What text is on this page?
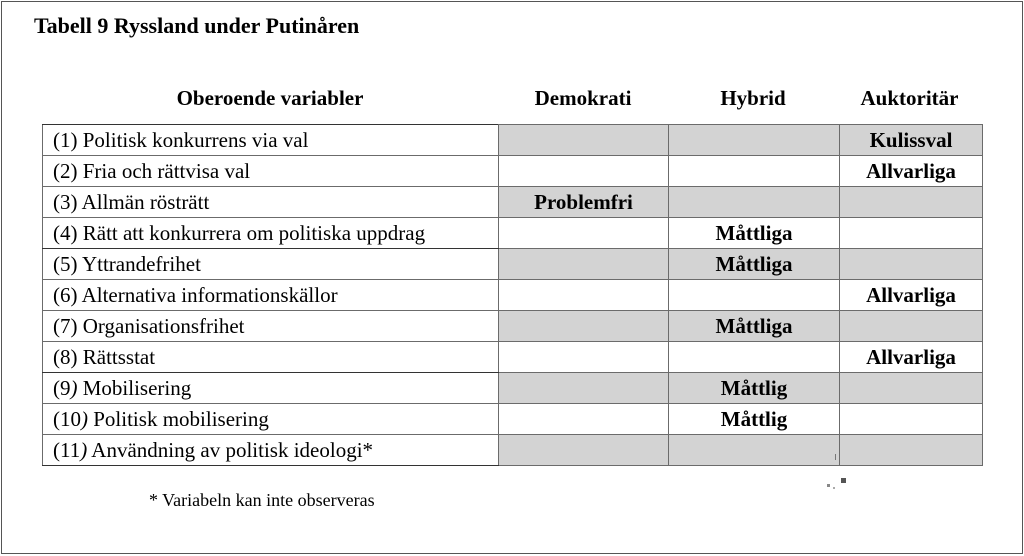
Tabell 9 Ryssland under Putinåren
Oberoende variabler	Demokrati	Hybrid	Auktoritär
(1) Politisk konkurrens via val			Kulissval
(2) Fria och rättvisa val			Allvarliga
(3) Allmän rösträtt	Problemfri		
(4) Rätt att konkurrera om politiska uppdrag		Måttliga	
(5) Yttrandefrihet		Måttliga	
(6) Alternativa informationskällor			Allvarliga
(7) Organisationsfrihet		Måttliga	
(8) Rättsstat			Allvarliga
(9) Mobilisering		Måttlig	
(10) Politisk mobilisering		Måttlig	
(11) Användning av politisk ideologi*			
* Variabeln kan inte observeras
